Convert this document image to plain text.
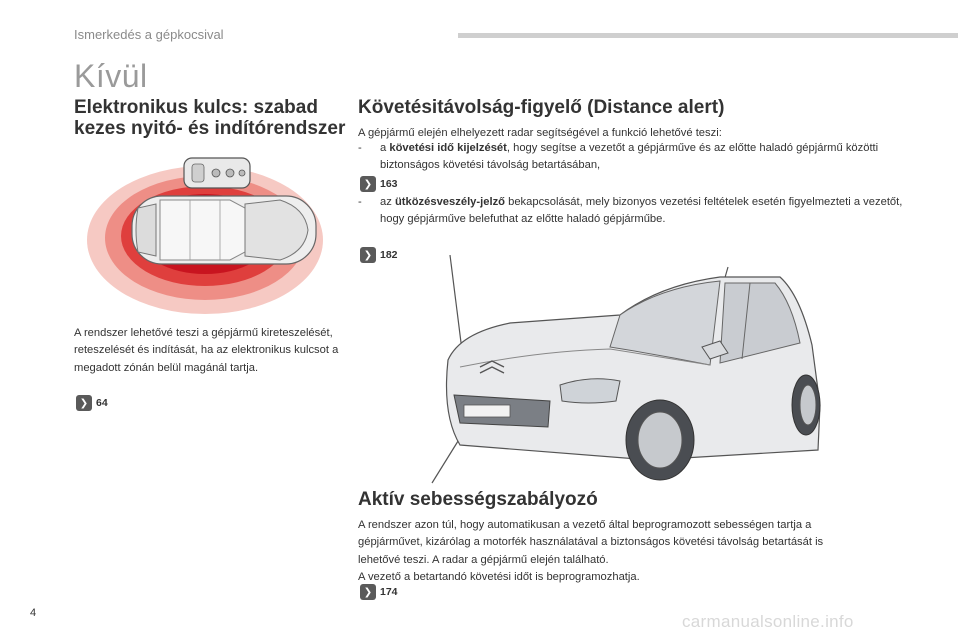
Ismerkedés a gépkocsival
Kívül
Elektronikus kulcs: szabad kezes nyitó- és indítórendszer
A rendszer lehetővé teszi a gépjármű kireteszelését, reteszelését és indítását, ha az elektronikus kulcsot a megadott zónán belül magánál tartja.
❯ 64
Követésitávolság-figyelő (Distance alert)
A gépjármű elején elhelyezett radar segítségével a funkció lehetővé teszi:
- a követési idő kijelzését, hogy segítse a vezetőt a gépjárműve és az előtte haladó gépjármű közötti biztonságos követési távolság betartásában,
❯ 163
- az ütközésveszély-jelző bekapcsolását, mely bizonyos vezetési feltételek esetén figyelmezteti a vezetőt, hogy gépjárműve belefuthat az előtte haladó gépjárműbe.
❯ 182
Aktív sebességszabályozó
A rendszer azon túl, hogy automatikusan a vezető által beprogramozott sebességen tartja a
gépjárművet, kizárólag a motorfék használatával a biztonságos követési távolság betartását is
lehetővé teszi. A radar a gépjármű elején található.
A vezető a betartandó követési időt is beprogramozhatja.
❯ 174
4	carmanualsonline.info
